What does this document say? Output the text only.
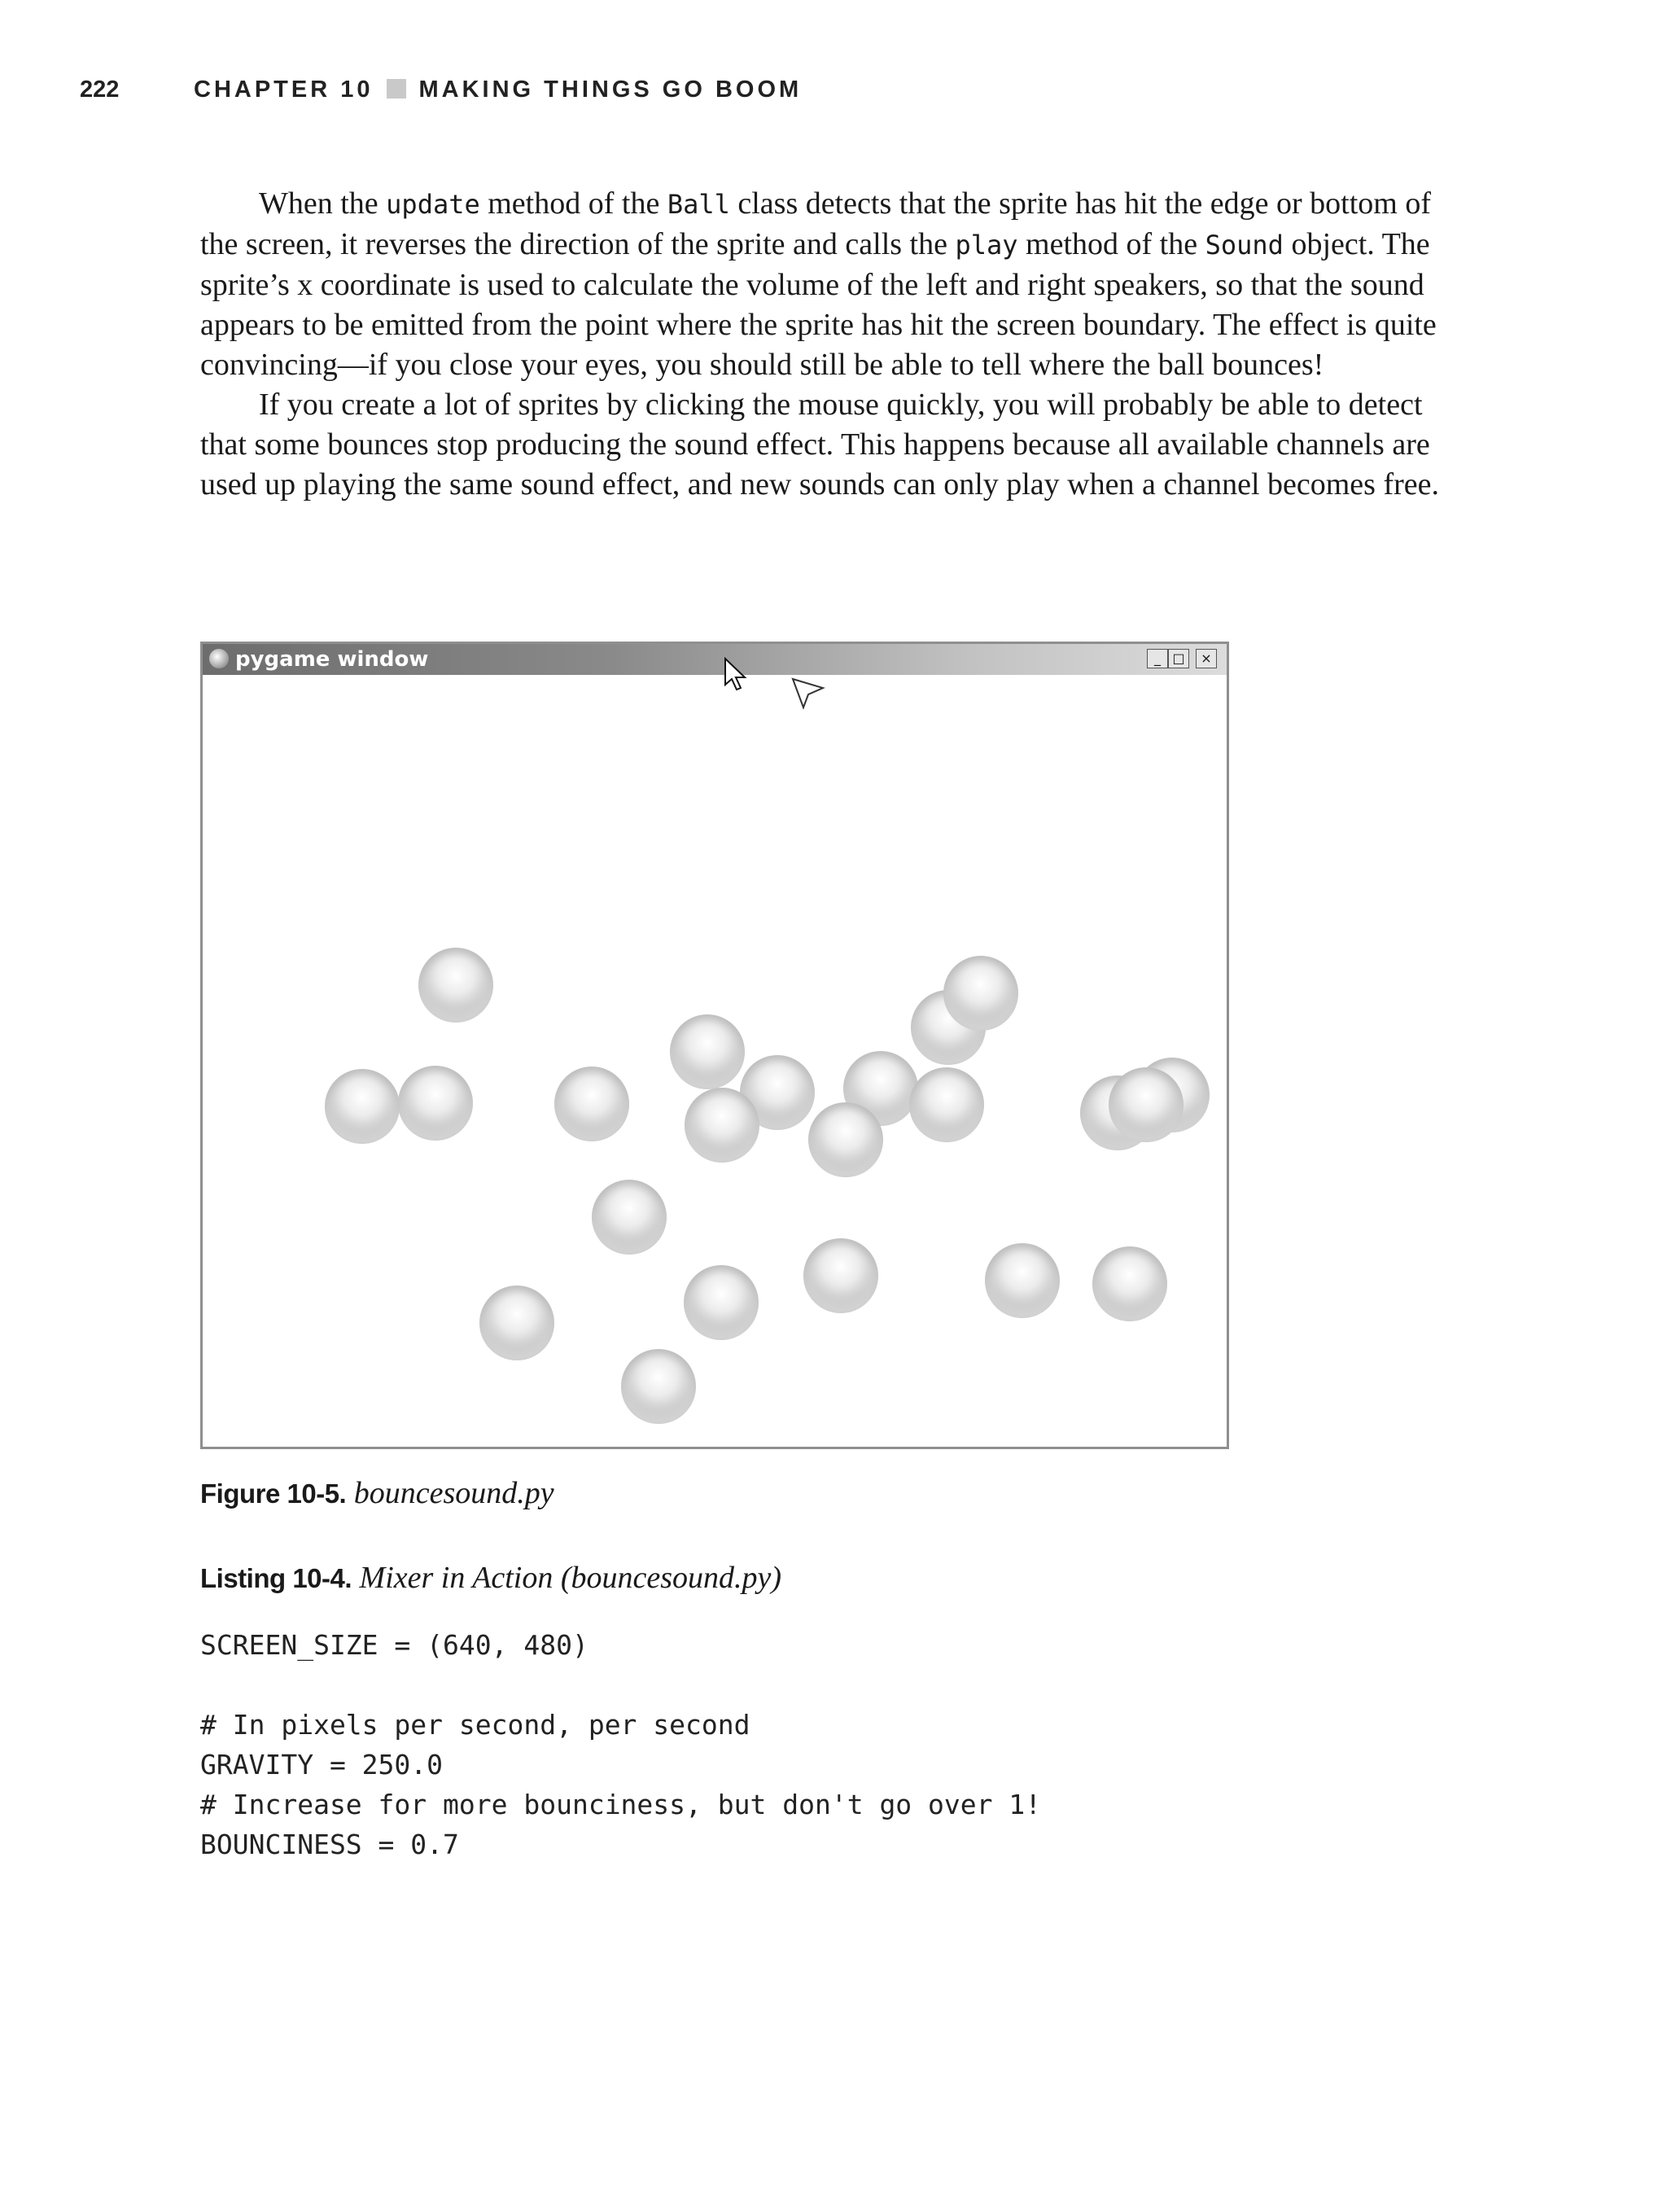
222	CHAPTER 10 MAKING THINGS GO BOOM

When the update method of the Ball class detects that the sprite has hit the edge or bottom of the screen, it reverses the direction of the sprite and calls the play method of the Sound object. The sprite’s x coordinate is used to calculate the volume of the left and right speakers, so that the sound appears to be emitted from the point where the sprite has hit the screen boundary. The effect is quite convincing—if you close your eyes, you should still be able to tell where the ball bounces!

If you create a lot of sprites by clicking the mouse quickly, you will probably be able to detect that some bounces stop producing the sound effect. This happens because all available channels are used up playing the same sound effect, and new sounds can only play when a channel becomes free.

pygame window	_ □	×
Figure 10-5. bouncesound.py
Listing 10-4. Mixer in Action (bouncesound.py)
SCREEN_SIZE = (640, 480)
# In pixels per second, per second
GRAVITY = 250.0
# Increase for more bounciness, but don't go over 1!
BOUNCINESS = 0.7
